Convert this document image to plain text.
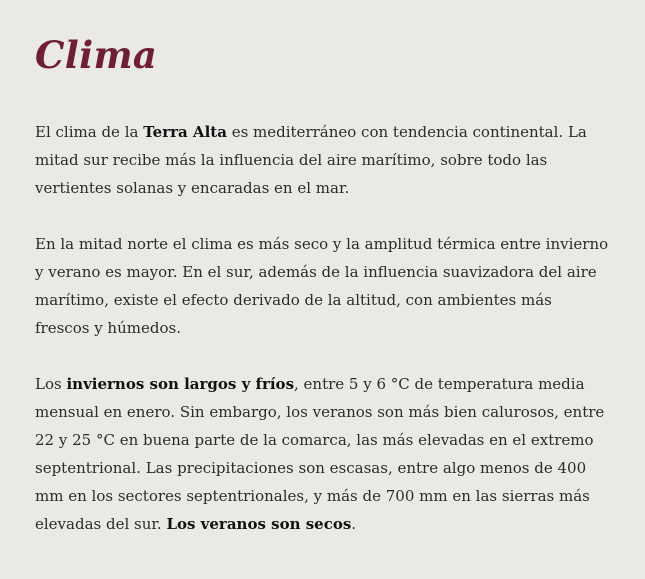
Clima

El clima de la Terra Alta es mediterráneo con tendencia continental. La mitad sur recibe más la influencia del aire marítimo, sobre todo las vertientes solanas y encaradas en el mar.

En la mitad norte el clima es más seco y la amplitud térmica entre invierno y verano es mayor. En el sur, además de la influencia suavizadora del aire marítimo, existe el efecto derivado de la altitud, con ambientes más frescos y húmedos.

Los inviernos son largos y fríos, entre 5 y 6 °C de temperatura media mensual en enero. Sin embargo, los veranos son más bien calurosos, entre 22 y 25 °C en buena parte de la comarca, las más elevadas en el extremo septentrional. Las precipitaciones son escasas, entre algo menos de 400 mm en los sectores septentrionales, y más de 700 mm en las sierras más elevadas del sur. Los veranos son secos.
